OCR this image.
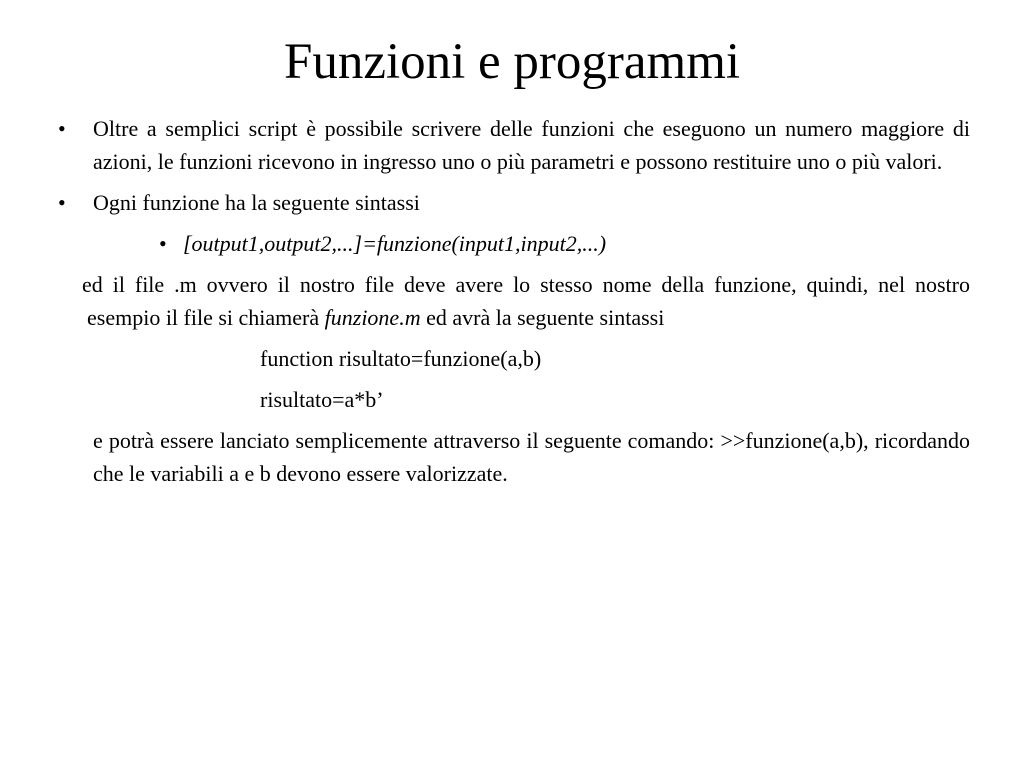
Funzioni e programmi
• Oltre a semplici script è possibile scrivere delle funzioni che eseguono un numero maggiore di azioni, le funzioni ricevono in ingresso uno o più parametri e possono restituire uno o più valori.
• Ogni funzione ha la seguente sintassi
• [output1,output2,...]=funzione(input1,input2,...)
ed il file .m ovvero il nostro file deve avere lo stesso nome della funzione, quindi, nel nostro esempio il file si chiamerà funzione.m ed avrà la seguente sintassi
function risultato=funzione(a,b)
risultato=a*b’
e potrà essere lanciato semplicemente attraverso il seguente comando: >>funzione(a,b), ricordando che le variabili a e b devono essere valorizzate.
